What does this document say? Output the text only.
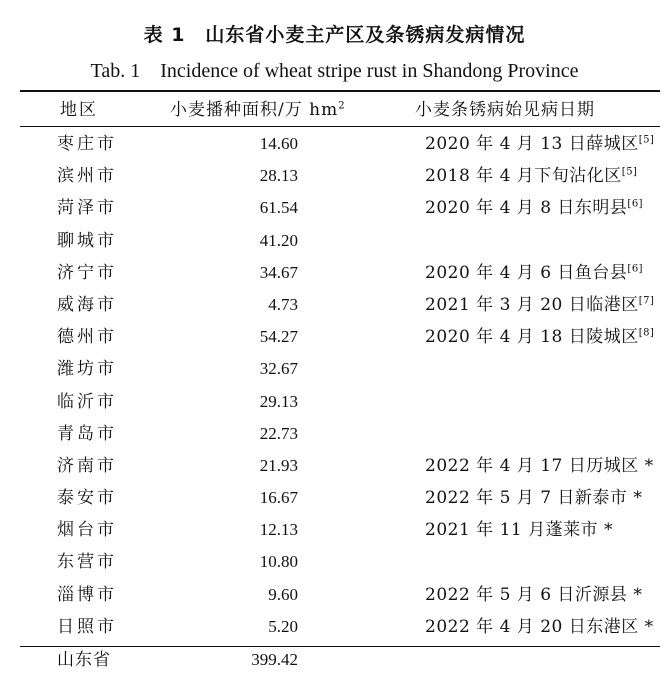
表 1　山东省小麦主产区及条锈病发病情况
Tab. 1　Incidence of wheat stripe rust in Shandong Province
地区	小麦播种面积/万 $hm^2$	小麦条锈病始见病日期
枣庄市	14.60	2020 年 4 月 13 日薛城区[5]
滨州市	28.13	2018 年 4 月下旬沾化区[5]
菏泽市	61.54	2020 年 4 月 8 日东明县[6]
聊城市	41.20
济宁市	34.67	2020 年 4 月 6 日鱼台县[6]
威海市	4.73	2021 年 3 月 20 日临港区[7]
德州市	54.27	2020 年 4 月 18 日陵城区[8]
潍坊市	32.67
临沂市	29.13
青岛市	22.73
济南市	21.93	2022 年 4 月 17 日历城区 *
泰安市	16.67	2022 年 5 月 7 日新泰市 *
烟台市	12.13	2021 年 11 月蓬莱市 *
东营市	10.80
淄博市	9.60	2022 年 5 月 6 日沂源县 *
日照市	5.20	2022 年 4 月 20 日东港区 *
山东省	399.42
